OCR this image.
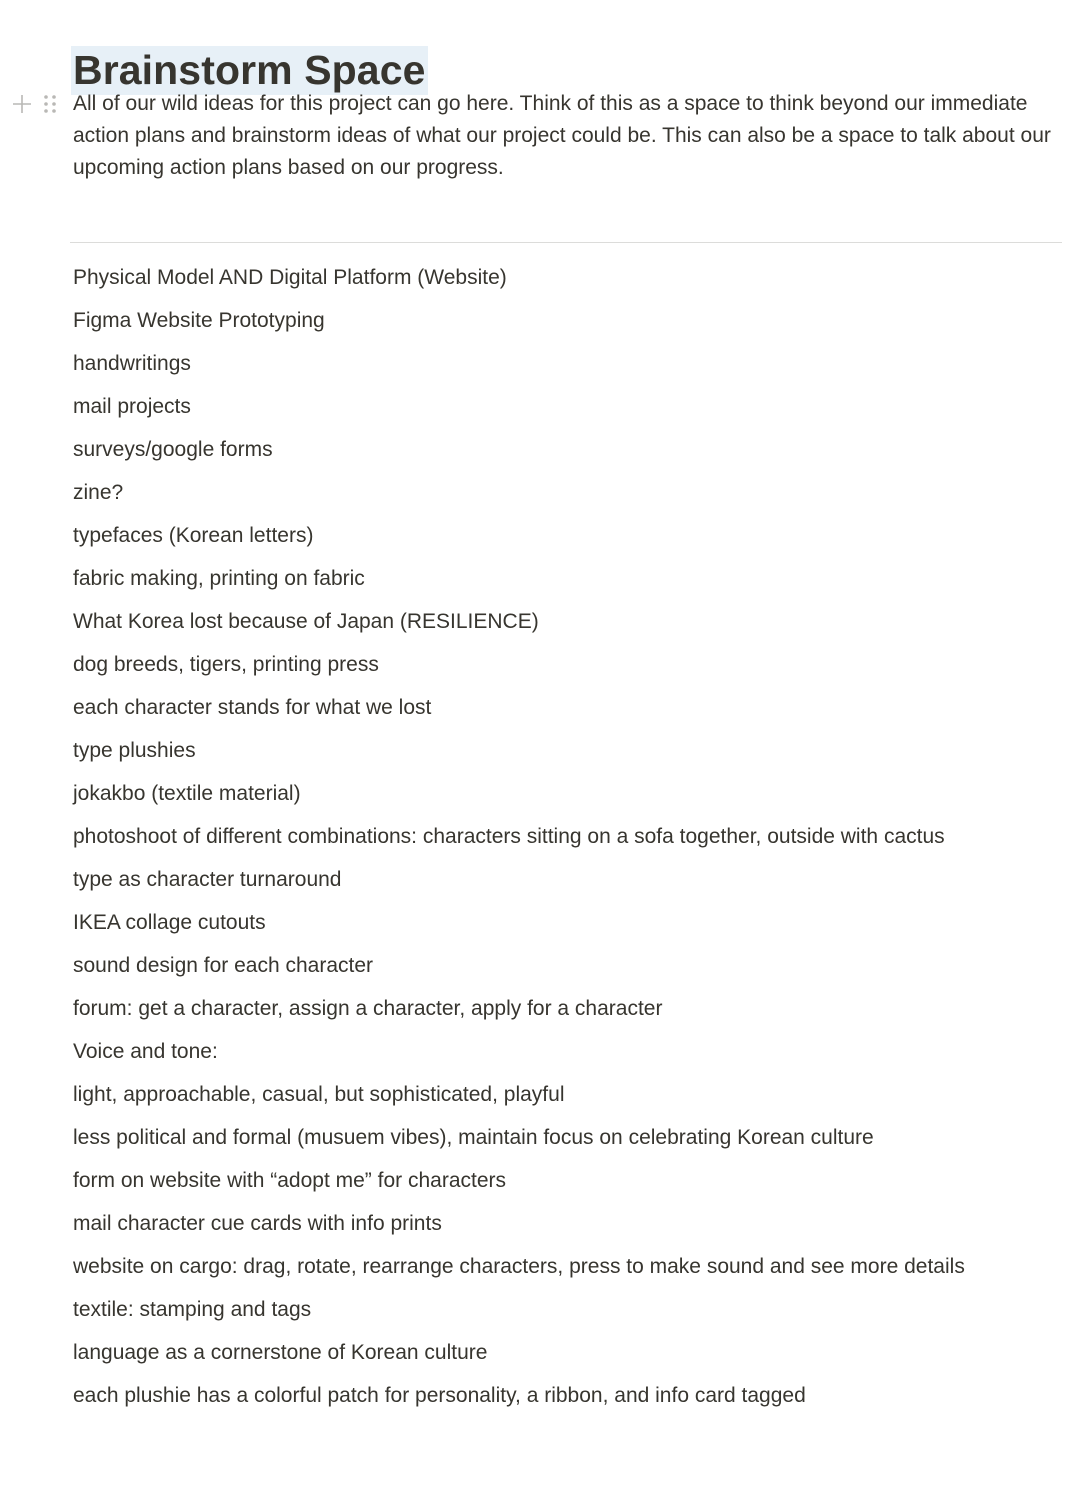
Brainstorm Space

All of our wild ideas for this project can go here. Think of this as a space to think beyond our immediate action plans and brainstorm ideas of what our project could be. This can also be a space to talk about our upcoming action plans based on our progress.

Physical Model AND Digital Platform (Website)
Figma Website Prototyping
handwritings
mail projects
surveys/google forms
zine?
typefaces (Korean letters)
fabric making, printing on fabric
What Korea lost because of Japan (RESILIENCE)
dog breeds, tigers, printing press
each character stands for what we lost
type plushies
jokakbo (textile material)
photoshoot of different combinations: characters sitting on a sofa together, outside with cactus
type as character turnaround
IKEA collage cutouts
sound design for each character
forum: get a character, assign a character, apply for a character
Voice and tone:
light, approachable, casual, but sophisticated, playful
less political and formal (musuem vibes), maintain focus on celebrating Korean culture
form on website with “adopt me” for characters
mail character cue cards with info prints
website on cargo: drag, rotate, rearrange characters, press to make sound and see more details
textile: stamping and tags
language as a cornerstone of Korean culture
each plushie has a colorful patch for personality, a ribbon, and info card tagged
